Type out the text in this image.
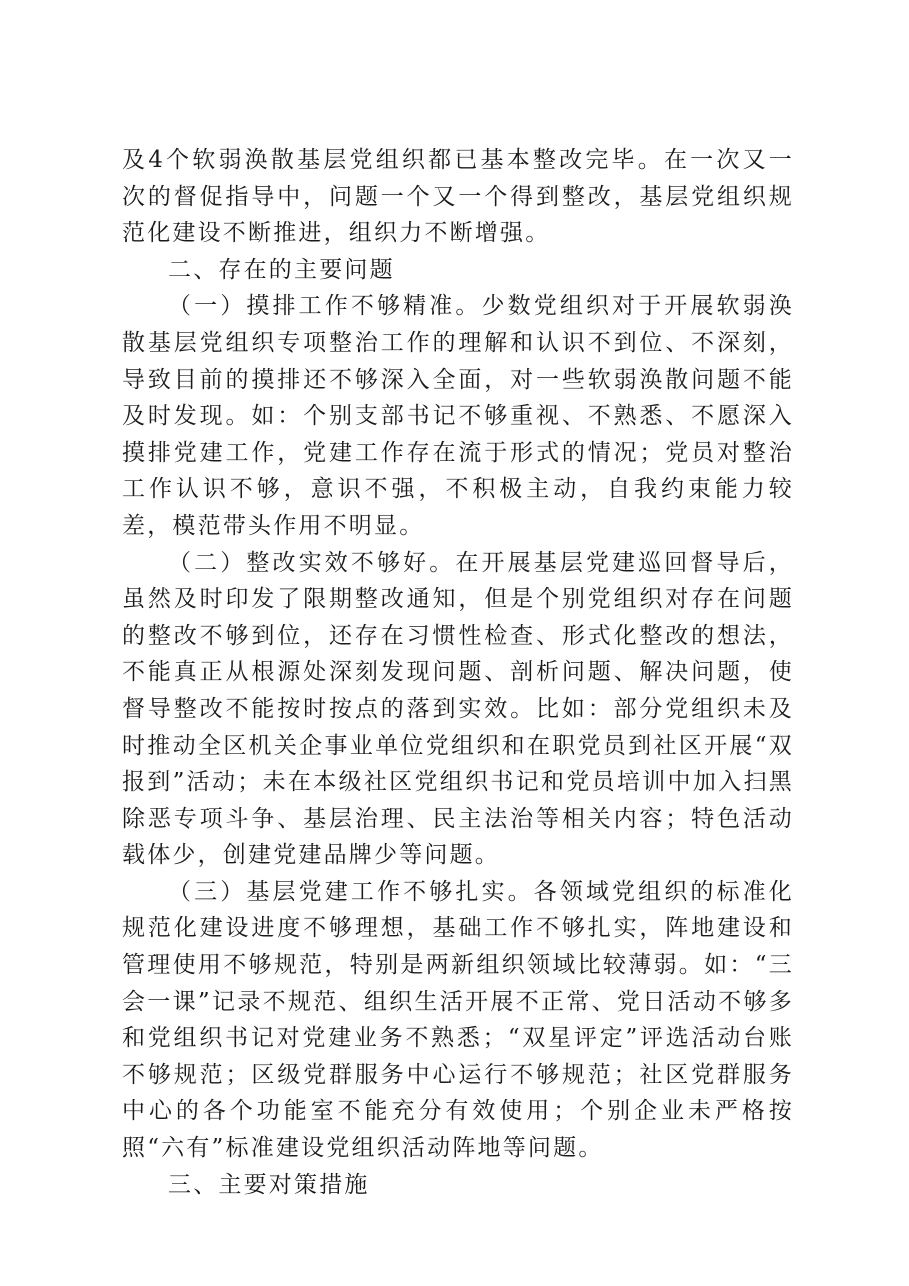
及4个软弱涣散基层党组织都已基本整改完毕。在一次又一次的督促指导中，问题一个又一个得到整改，基层党组织规范化建设不断推进，组织力不断增强。

二、存在的主要问题

（一）摸排工作不够精准。少数党组织对于开展软弱涣散基层党组织专项整治工作的理解和认识不到位、不深刻，导致目前的摸排还不够深入全面，对一些软弱涣散问题不能及时发现。如：个别支部书记不够重视、不熟悉、不愿深入摸排党建工作，党建工作存在流于形式的情况；党员对整治工作认识不够，意识不强，不积极主动，自我约束能力较差，模范带头作用不明显。

（二）整改实效不够好。在开展基层党建巡回督导后，虽然及时印发了限期整改通知，但是个别党组织对存在问题的整改不够到位，还存在习惯性检查、形式化整改的想法，不能真正从根源处深刻发现问题、剖析问题、解决问题，使督导整改不能按时按点的落到实效。比如：部分党组织未及时推动全区机关企事业单位党组织和在职党员到社区开展“双报到”活动；未在本级社区党组织书记和党员培训中加入扫黑除恶专项斗争、基层治理、民主法治等相关内容；特色活动载体少，创建党建品牌少等问题。

（三）基层党建工作不够扎实。各领域党组织的标准化规范化建设进度不够理想，基础工作不够扎实，阵地建设和管理使用不够规范，特别是两新组织领域比较薄弱。如：“三会一课”记录不规范、组织生活开展不正常、党日活动不够多和党组织书记对党建业务不熟悉；“双星评定”评选活动台账不够规范；区级党群服务中心运行不够规范；社区党群服务中心的各个功能室不能充分有效使用；个别企业未严格按照“六有”标准建设党组织活动阵地等问题。

三、主要对策措施
